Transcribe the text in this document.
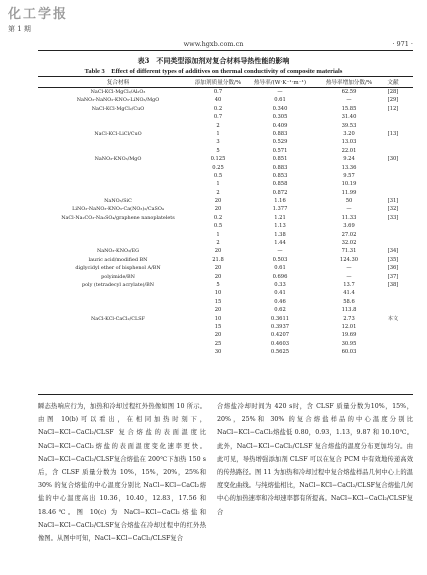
化工学报
第 1 期
www.hgxb.com.cn	· 971 ·
表3　不同类型添加剂对复合材料导热性能的影响
Table 3　Effect of different types of additives on thermal conductivity of composite materials
复合材料	添加剂质量分数/%	热导率/(W·K⁻¹·m⁻¹)	热导率增加分数/%	文献
NaCl-KCl-MgCl₂/Al₂O₃	0.7	—	62.59	[28]
NaNO₃-NaNO₂-KNO₃-LiNO₃/MgO	40	0.61	—	[29]
NaCl-KCl-MgCl₂/CuO	0.2	0.340	15.85	[12]
0.7	0.305	31.40
2	0.409	39.53
NaCl-KCl-LiCl/CuO	1	0.883	3.20	[13]
3	0.529	13.03
5	0.571	22.01
NaNO₃-KNO₃/MgO	0.125	0.851	9.24	[30]
0.25	0.883	13.36
0.5	0.853	9.57
1	0.858	10.19
2	0.872	11.99
NaNO₃/SiC	20	1.16	50	[31]
LiNO₃-NaNO₃-KNO₃-Ca(NO₃)₂/CaSO₄	20	1.377	—	[32]
NaCl-Na₂CO₃-Na₂SO₄/graphene nanoplatelets	0.2	1.21	11.33	[33]
0.5	1.13	3.69
1	1.38	27.02
2	1.44	32.02
NaNO₃-KNO₃/EG	20	—	71.31	[34]
lauric acid/modified BN	21.8	0.503	124.30	[35]
diglycidyl ether of bisphenol A/BN	20	0.61	—	[36]
polyimide/BN	20	0.696	—	[37]
poly (tetradecyl acrylate)/BN	5	0.33	13.7	[38]
10	0.41	41.4
15	0.46	58.6
20	0.62	113.8
NaCl-KCl-CaCl₂/CLSF	10	0.3611	2.73	本文
15	0.3937	12.01
20	0.4207	19.69
25	0.4603	30.95
30	0.5625	60.03

瞬态热响应行为，加热和冷却过程红外热像如图 10 所示。由图 10(b)可以看出，在相同加热时刻下，NaCl−KCl−CaCl₂/CLSF 复合熔盐的表面温度比 NaCl−KCl−CaCl₂熔盐的表面温度变化速率更快。NaCl−KCl−CaCl₂/CLSF复合熔盐在 200℃下加热 150 s后，含 CLSF 质量分数为 10%，15%，20%，25%和 30% 的复合熔盐的中心温度分别比 NaCl−KCl−CaCl₂熔盐的中心温度高出 10.36，10.40，12.83，17.56 和 18.46℃。图 10(c) 为 NaCl−KCl−CaCl₂熔盐和 NaCl−KCl−CaCl₂/CLSF复合熔盐在冷却过程中的红外热像图。从图中可知，NaCl−KCl−CaCl₂/CLSF复合

合熔盐冷却时间为 420 s时，含 CLSF 质量分数为10%，15%，20%，25%和 30% 的复合熔盐样品的中心温度分别比 NaCl−KCl−CaCl₂熔盐低 0.80，0.93，1.13，9.87 和 10.10℃。此外，NaCl−KCl−CaCl₂/CLSF 复合熔盐的温度分布更加均匀。由此可见，导热增强添加剂 CLSF 可以在复合 PCM 中有效地传递高效的传热路径。图 11 为加热和冷却过程中复合熔盐样品几何中心上的温度变化曲线。与纯熔盐相比，NaCl−KCl−CaCl₂/CLSF复合熔盐几何中心的加热速率和冷却速率都有所提高。NaCl−KCl−CaCl₂/CLSF复合
